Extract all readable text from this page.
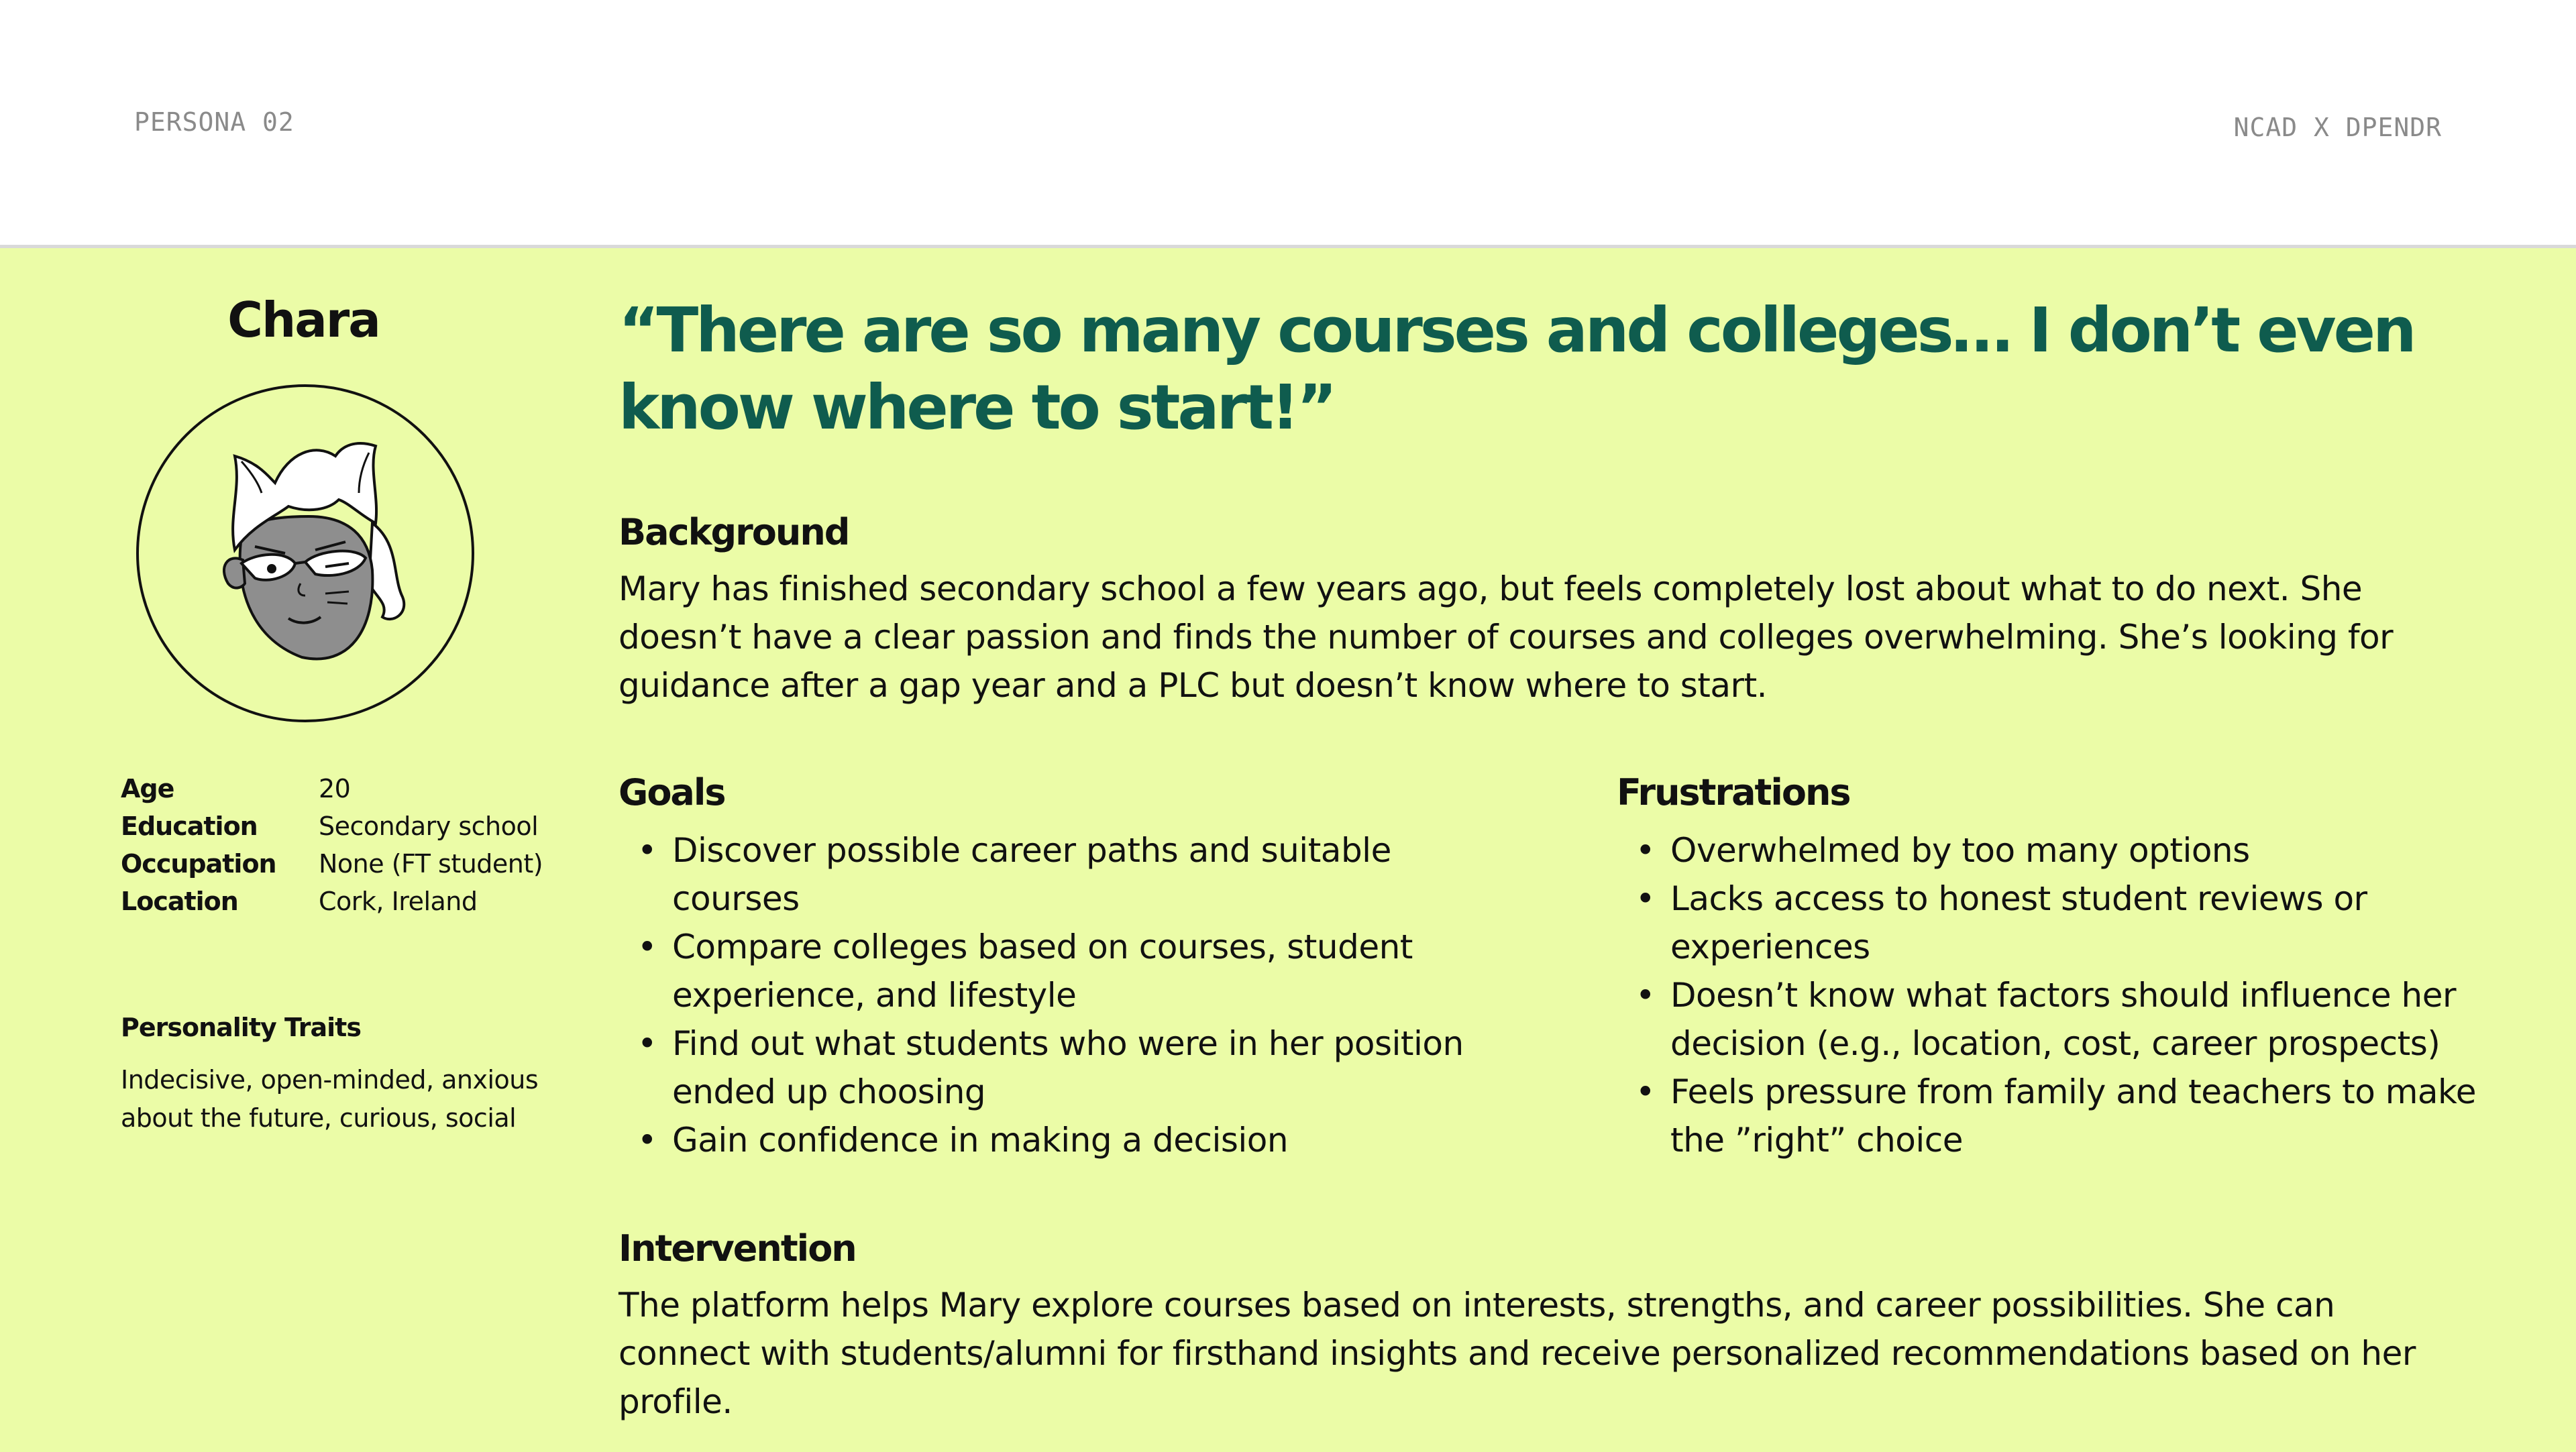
PERSONA 02	NCAD X DPENDR
Chara
Age	20
Education	Secondary school
Occupation	None (FT student)
Location	Cork, Ireland
Personality Traits
Indecisive, open-minded, anxious about the future, curious, social
“There are so many courses and colleges… I don’t even know where to start!”
Background
Mary has finished secondary school a few years ago, but feels completely lost about what to do next. She doesn’t have a clear passion and finds the number of courses and colleges overwhelming. She’s looking for guidance after a gap year and a PLC but doesn’t know where to start.
Goals
• Discover possible career paths and suitable courses
• Compare colleges based on courses, student experience, and lifestyle
• Find out what students who were in her position ended up choosing
• Gain confidence in making a decision
Frustrations
• Overwhelmed by too many options
• Lacks access to honest student reviews or experiences
• Doesn’t know what factors should influence her decision (e.g., location, cost, career prospects)
• Feels pressure from family and teachers to make the ”right” choice
Intervention
The platform helps Mary explore courses based on interests, strengths, and career possibilities. She can connect with students/alumni for firsthand insights and receive personalized recommendations based on her profile.
